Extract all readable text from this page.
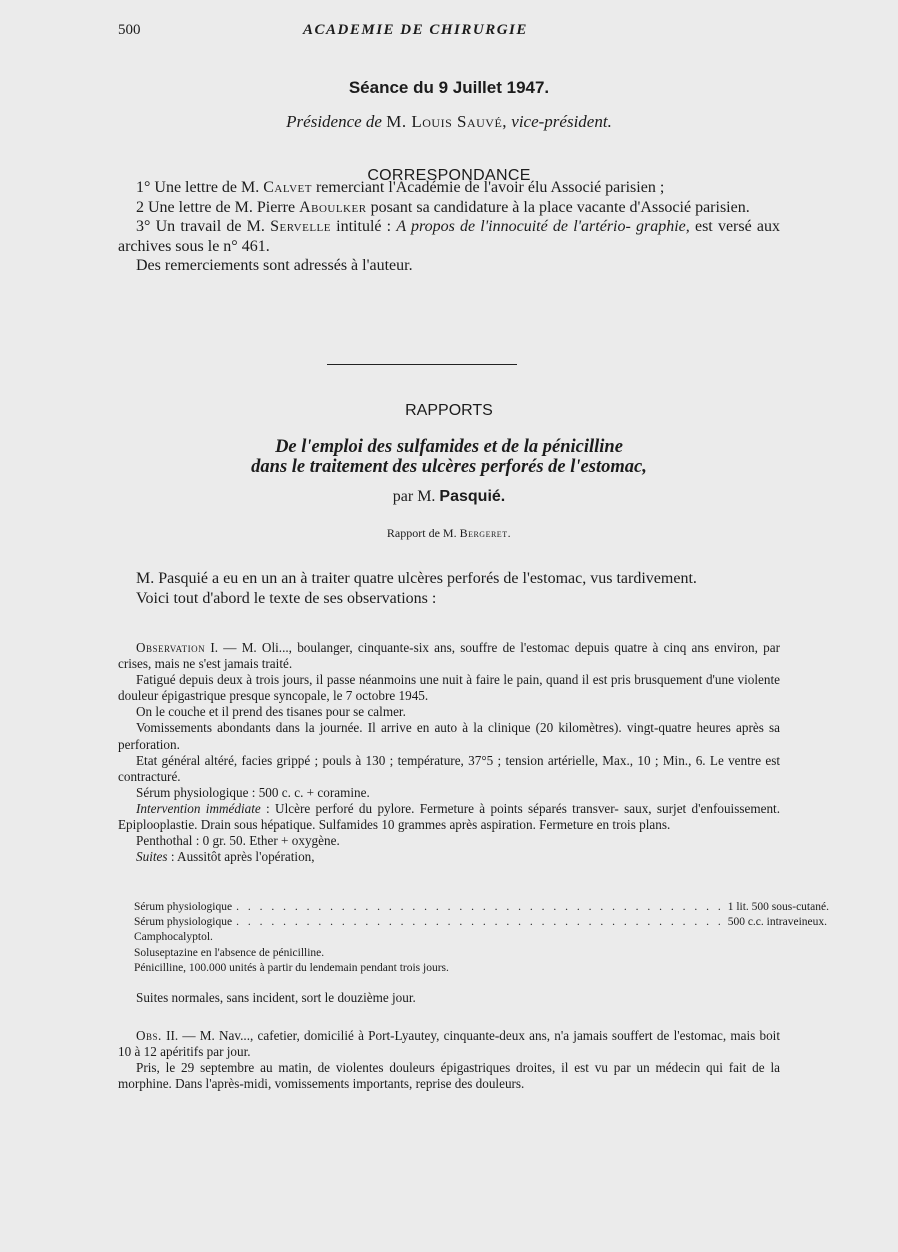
500	ACADEMIE DE CHIRURGIE
Séance du 9 Juillet 1947.
Présidence de M. Louis Sauvé, vice-président.
CORRESPONDANCE

1° Une lettre de M. Calvet remerciant l'Académie de l'avoir élu Associé parisien ;

2 Une lettre de M. Pierre Aboulker posant sa candidature à la place vacante d'Associé parisien.

3° Un travail de M. Servelle intitulé : A propos de l'innocuité de l'artério- graphie, est versé aux archives sous le n° 461.

Des remerciements sont adressés à l'auteur.

RAPPORTS
De l'emploi des sulfamides et de la pénicilline
dans le traitement des ulcères perforés de l'estomac,
par M. Pasquié.
Rapport de M. Bergeret.

M. Pasquié a eu en un an à traiter quatre ulcères perforés de l'estomac, vus tardivement.

Voici tout d'abord le texte de ses observations :

Observation I. — M. Oli..., boulanger, cinquante-six ans, souffre de l'estomac depuis quatre à cinq ans environ, par crises, mais ne s'est jamais traité.

Fatigué depuis deux à trois jours, il passe néanmoins une nuit à faire le pain, quand il est pris brusquement d'une violente douleur épigastrique presque syncopale, le 7 octobre 1945.

On le couche et il prend des tisanes pour se calmer.

Vomissements abondants dans la journée. Il arrive en auto à la clinique (20 kilomètres). vingt-quatre heures après sa perforation.

Etat général altéré, facies grippé ; pouls à 130 ; température, 37°5 ; tension artérielle, Max., 10 ; Min., 6. Le ventre est contracturé.

Sérum physiologique : 500 c. c. + coramine.

Intervention immédiate : Ulcère perforé du pylore. Fermeture à points séparés transver- saux, surjet d'enfouissement. Epiplooplastie. Drain sous hépatique. Sulfamides 10 grammes après aspiration. Fermeture en trois plans.

Penthothal : 0 gr. 50. Ether + oxygène.

Suites : Aussitôt après l'opération,

Sérum physiologique . . . . . . . . . . . . . . . . . . . . . . . . . . . . . . . . . . . . . . . . . . 1 lit. 500 sous-cutané.
Sérum physiologique . . . . . . . . . . . . . . . . . . . . . . . . . . . . . . . . . . . . . . . . . . 500 c.c. intraveineux.
Camphocalyptol.
Soluseptazine en l'absence de pénicilline.
Pénicilline, 100.000 unités à partir du lendemain pendant trois jours.

Suites normales, sans incident, sort le douzième jour.

Obs. II. — M. Nav..., cafetier, domicilié à Port-Lyautey, cinquante-deux ans, n'a jamais souffert de l'estomac, mais boit 10 à 12 apéritifs par jour.

Pris, le 29 septembre au matin, de violentes douleurs épigastriques droites, il est vu par un médecin qui fait de la morphine. Dans l'après-midi, vomissements importants, reprise des douleurs.
